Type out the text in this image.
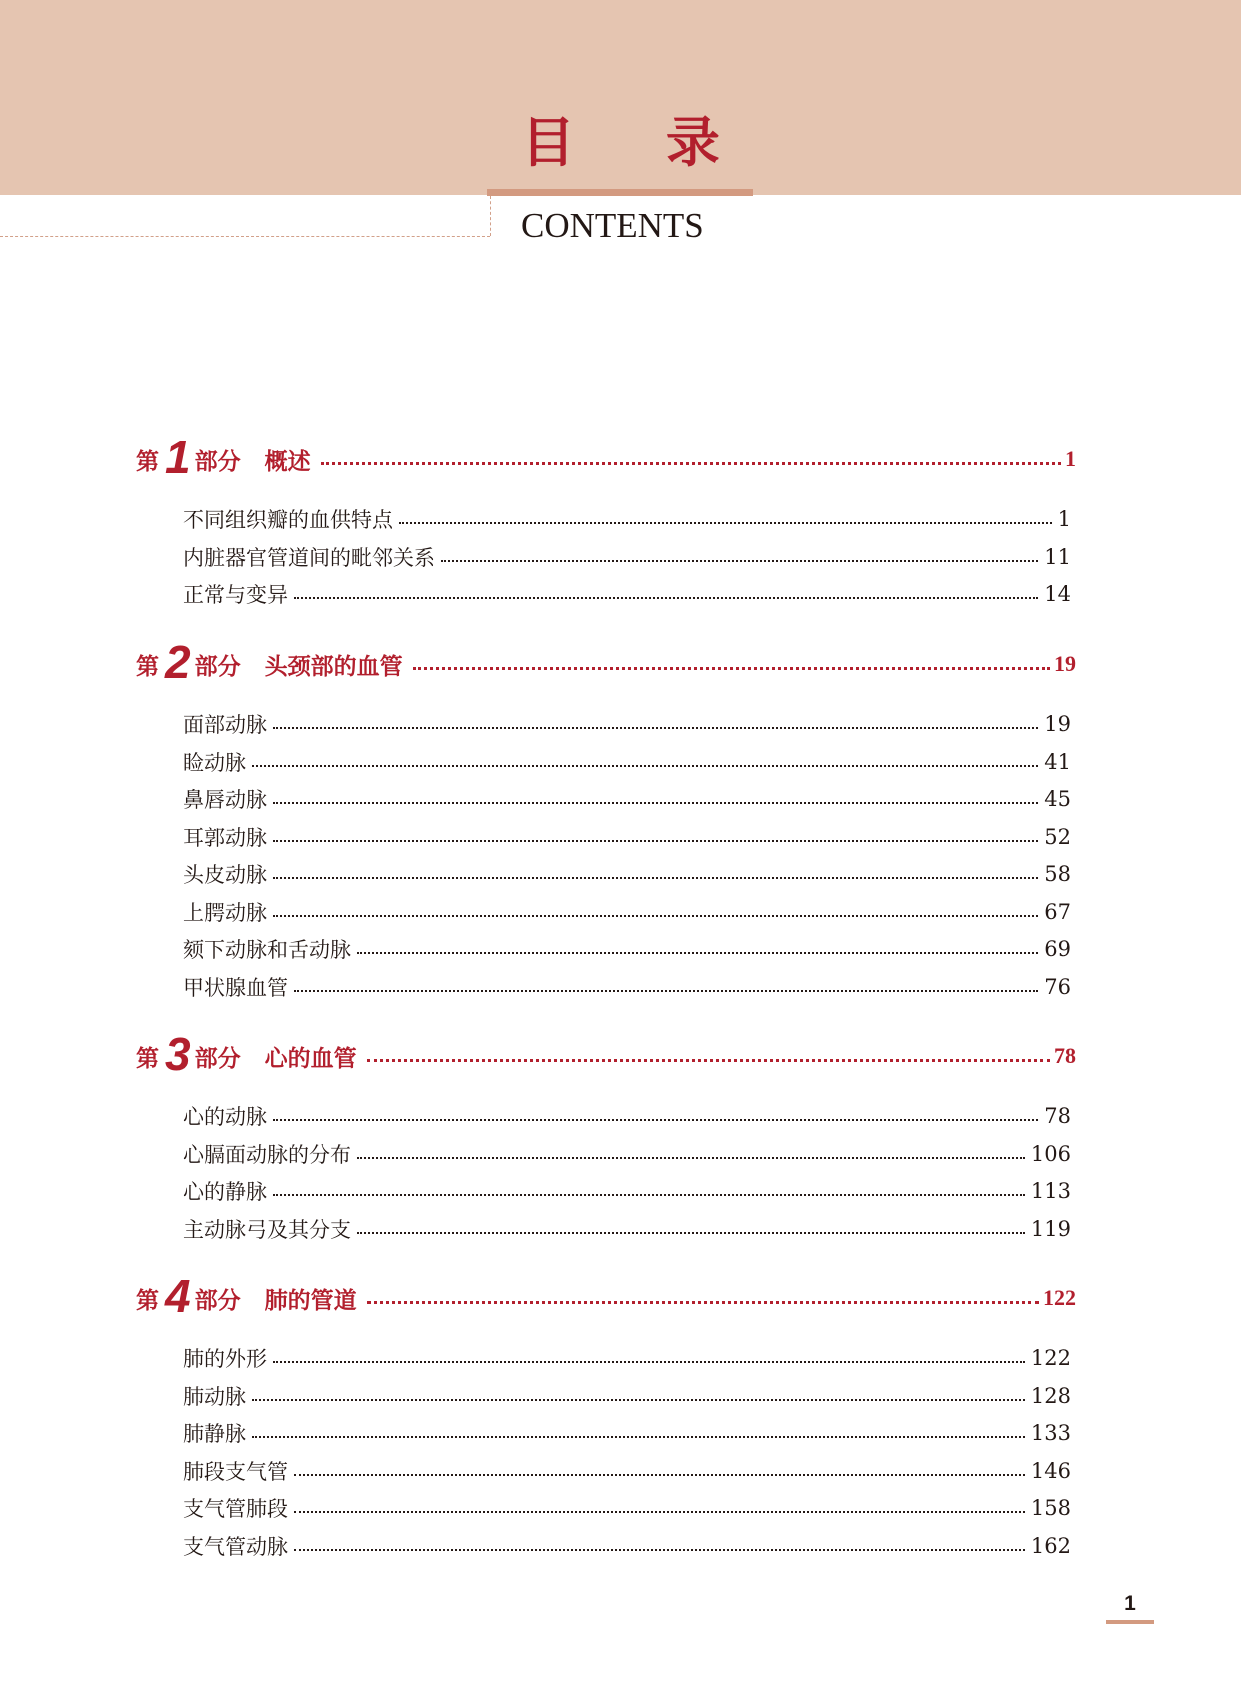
目 录
CONTENTS
第 1 部分 概述	1
不同组织瓣的血供特点	1
内脏器官管道间的毗邻关系	11
正常与变异	14
第 2 部分 头颈部的血管	19
面部动脉	19
睑动脉	41
鼻唇动脉	45
耳郭动脉	52
头皮动脉	58
上腭动脉	67
颏下动脉和舌动脉	69
甲状腺血管	76
第 3 部分 心的血管	78
心的动脉	78
心膈面动脉的分布	106
心的静脉	113
主动脉弓及其分支	119
第 4 部分 肺的管道	122
肺的外形	122
肺动脉	128
肺静脉	133
肺段支气管	146
支气管肺段	158
支气管动脉	162
1
